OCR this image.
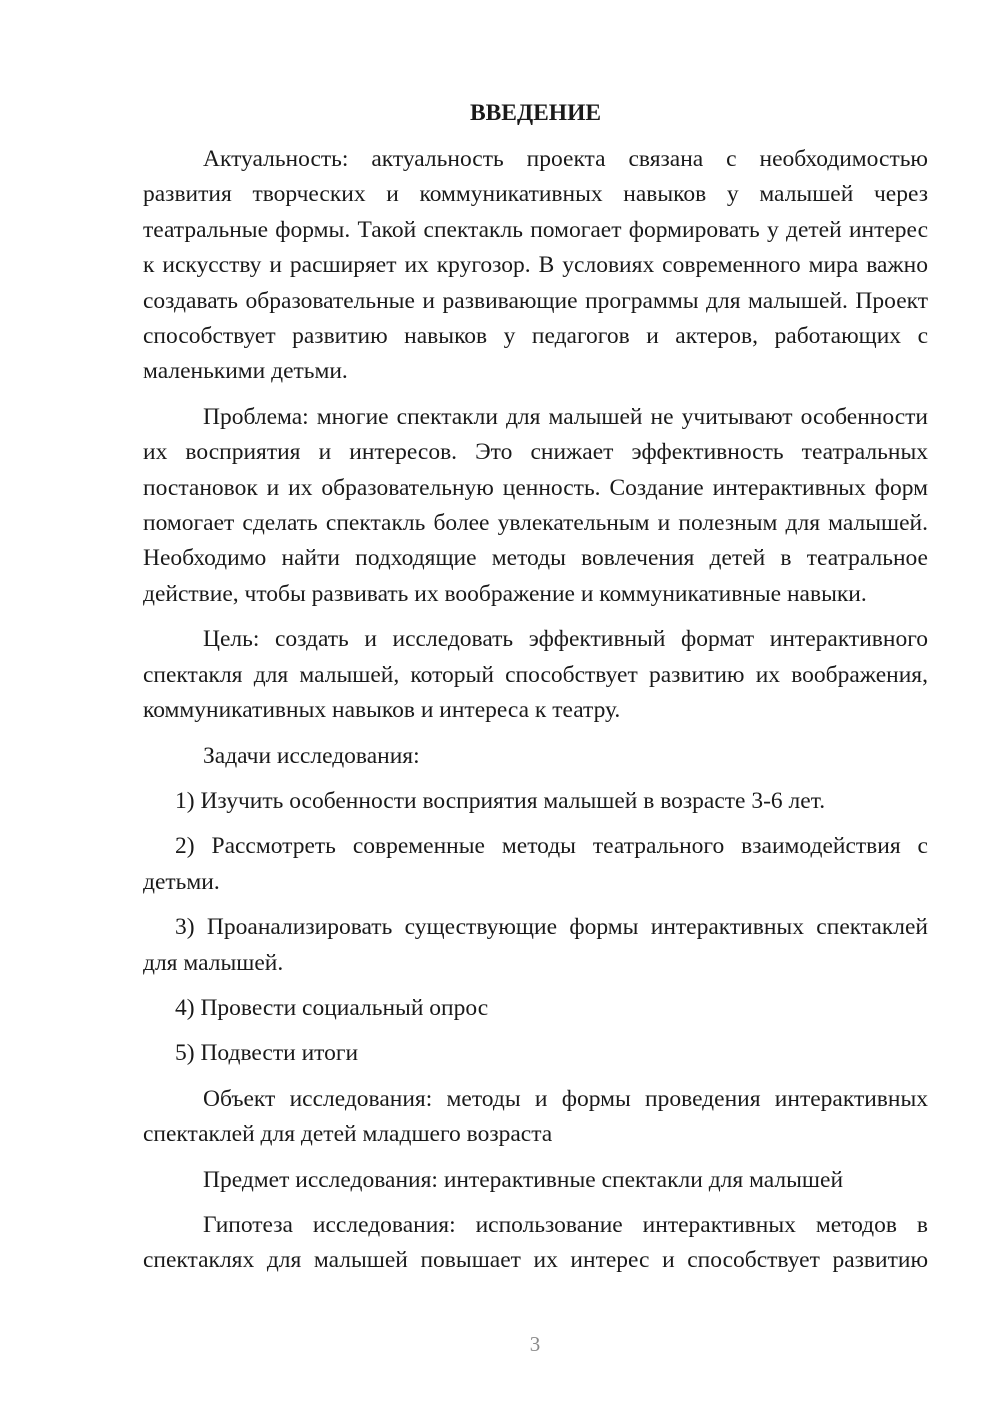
ВВЕДЕНИЕ

Актуальность: актуальность проекта связана с необходимостью развития творческих и коммуникативных навыков у малышей через театральные формы. Такой спектакль помогает формировать у детей интерес к искусству и расширяет их кругозор. В условиях современного мира важно создавать образовательные и развивающие программы для малышей. Проект способствует развитию навыков у педагогов и актеров, работающих с маленькими детьми.

Проблема: многие спектакли для малышей не учитывают особенности их восприятия и интересов. Это снижает эффективность театральных постановок и их образовательную ценность. Создание интерактивных форм помогает сделать спектакль более увлекательным и полезным для малышей. Необходимо найти подходящие методы вовлечения детей в театральное действие, чтобы развивать их воображение и коммуникативные навыки.

Цель: создать и исследовать эффективный формат интерактивного спектакля для малышей, который способствует развитию их воображения, коммуникативных навыков и интереса к театру.

Задачи исследования:

1) Изучить особенности восприятия малышей в возрасте 3-6 лет.

2) Рассмотреть современные методы театрального взаимодействия с детьми.

3) Проанализировать существующие формы интерактивных спектаклей для малышей.

4) Провести социальный опрос

5) Подвести итоги

Объект исследования: методы и формы проведения интерактивных спектаклей для детей младшего возраста

Предмет исследования: интерактивные спектакли для малышей

Гипотеза исследования: использование интерактивных методов в спектаклях для малышей повышает их интерес и способствует развитию

3
